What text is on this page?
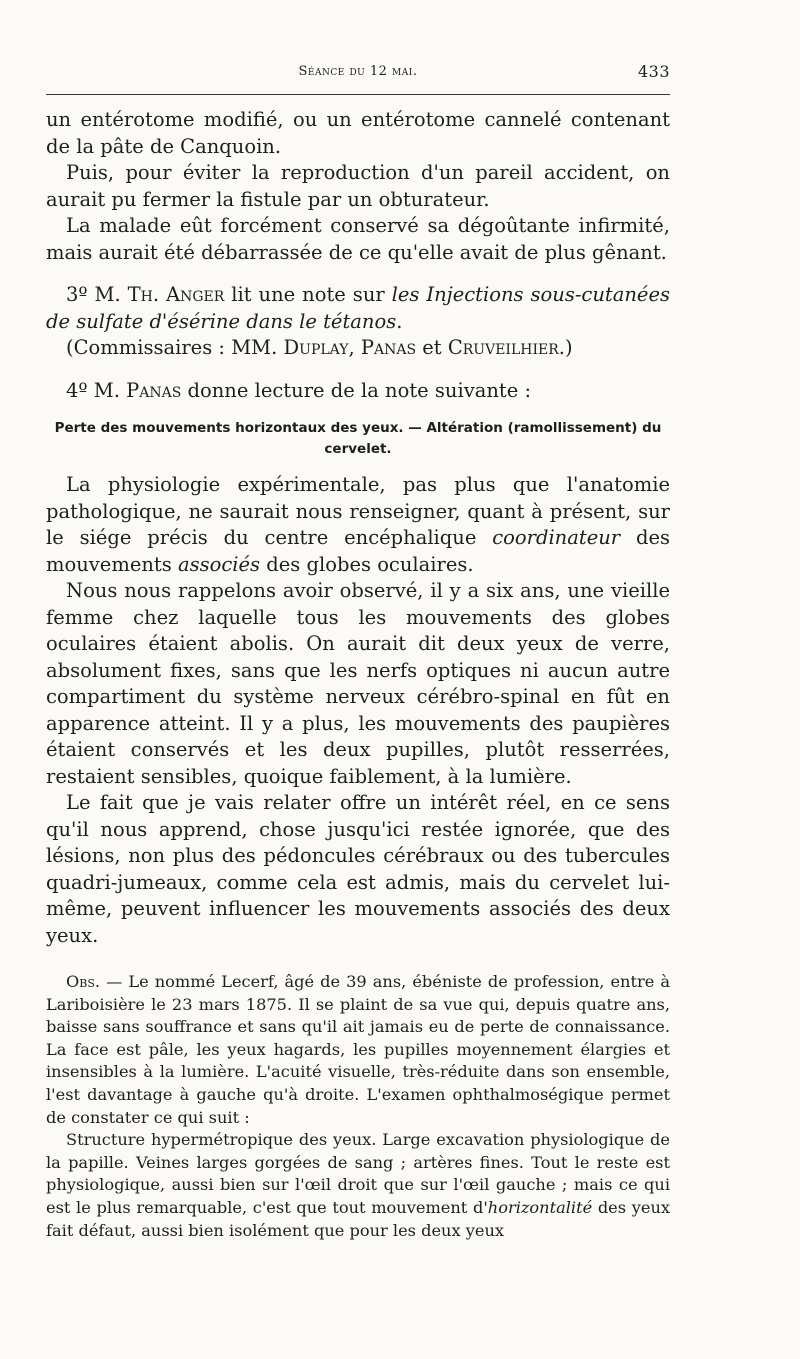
Séance du 12 mai.	433

un entérotome modifié, ou un entérotome cannelé contenant de la pâte de Canquoin.

Puis, pour éviter la reproduction d'un pareil accident, on aurait pu fermer la fistule par un obturateur.

La malade eût forcément conservé sa dégoûtante infirmité, mais aurait été débarrassée de ce qu'elle avait de plus gênant.

3º M. Th. Anger lit une note sur les Injections sous-cutanées de sulfate d'ésérine dans le tétanos.

(Commissaires : MM. Duplay, Panas et Cruveilhier.)

4º M. Panas donne lecture de la note suivante :

Perte des mouvements horizontaux des yeux. — Altération (ramollissement) du cervelet.

La physiologie expérimentale, pas plus que l'anatomie pathologique, ne saurait nous renseigner, quant à présent, sur le siége précis du centre encéphalique coordinateur des mouvements associés des globes oculaires.

Nous nous rappelons avoir observé, il y a six ans, une vieille femme chez laquelle tous les mouvements des globes oculaires étaient abolis. On aurait dit deux yeux de verre, absolument fixes, sans que les nerfs optiques ni aucun autre compartiment du système nerveux cérébro-spinal en fût en apparence atteint. Il y a plus, les mouvements des paupières étaient conservés et les deux pupilles, plutôt resserrées, restaient sensibles, quoique faiblement, à la lumière.

Le fait que je vais relater offre un intérêt réel, en ce sens qu'il nous apprend, chose jusqu'ici restée ignorée, que des lésions, non plus des pédoncules cérébraux ou des tubercules quadri-jumeaux, comme cela est admis, mais du cervelet lui-même, peuvent influencer les mouvements associés des deux yeux.

Obs. — Le nommé Lecerf, âgé de 39 ans, ébéniste de profession, entre à Lariboisière le 23 mars 1875. Il se plaint de sa vue qui, depuis quatre ans, baisse sans souffrance et sans qu'il ait jamais eu de perte de connaissance. La face est pâle, les yeux hagards, les pupilles moyennement élargies et insensibles à la lumière. L'acuité visuelle, très-réduite dans son ensemble, l'est davantage à gauche qu'à droite. L'examen ophthalmoségique permet de constater ce qui suit :

Structure hypermétropique des yeux. Large excavation physiologique de la papille. Veines larges gorgées de sang ; artères fines. Tout le reste est physiologique, aussi bien sur l'œil droit que sur l'œil gauche ; mais ce qui est le plus remarquable, c'est que tout mouvement d'horizontalité des yeux fait défaut, aussi bien isolément que pour les deux yeux
